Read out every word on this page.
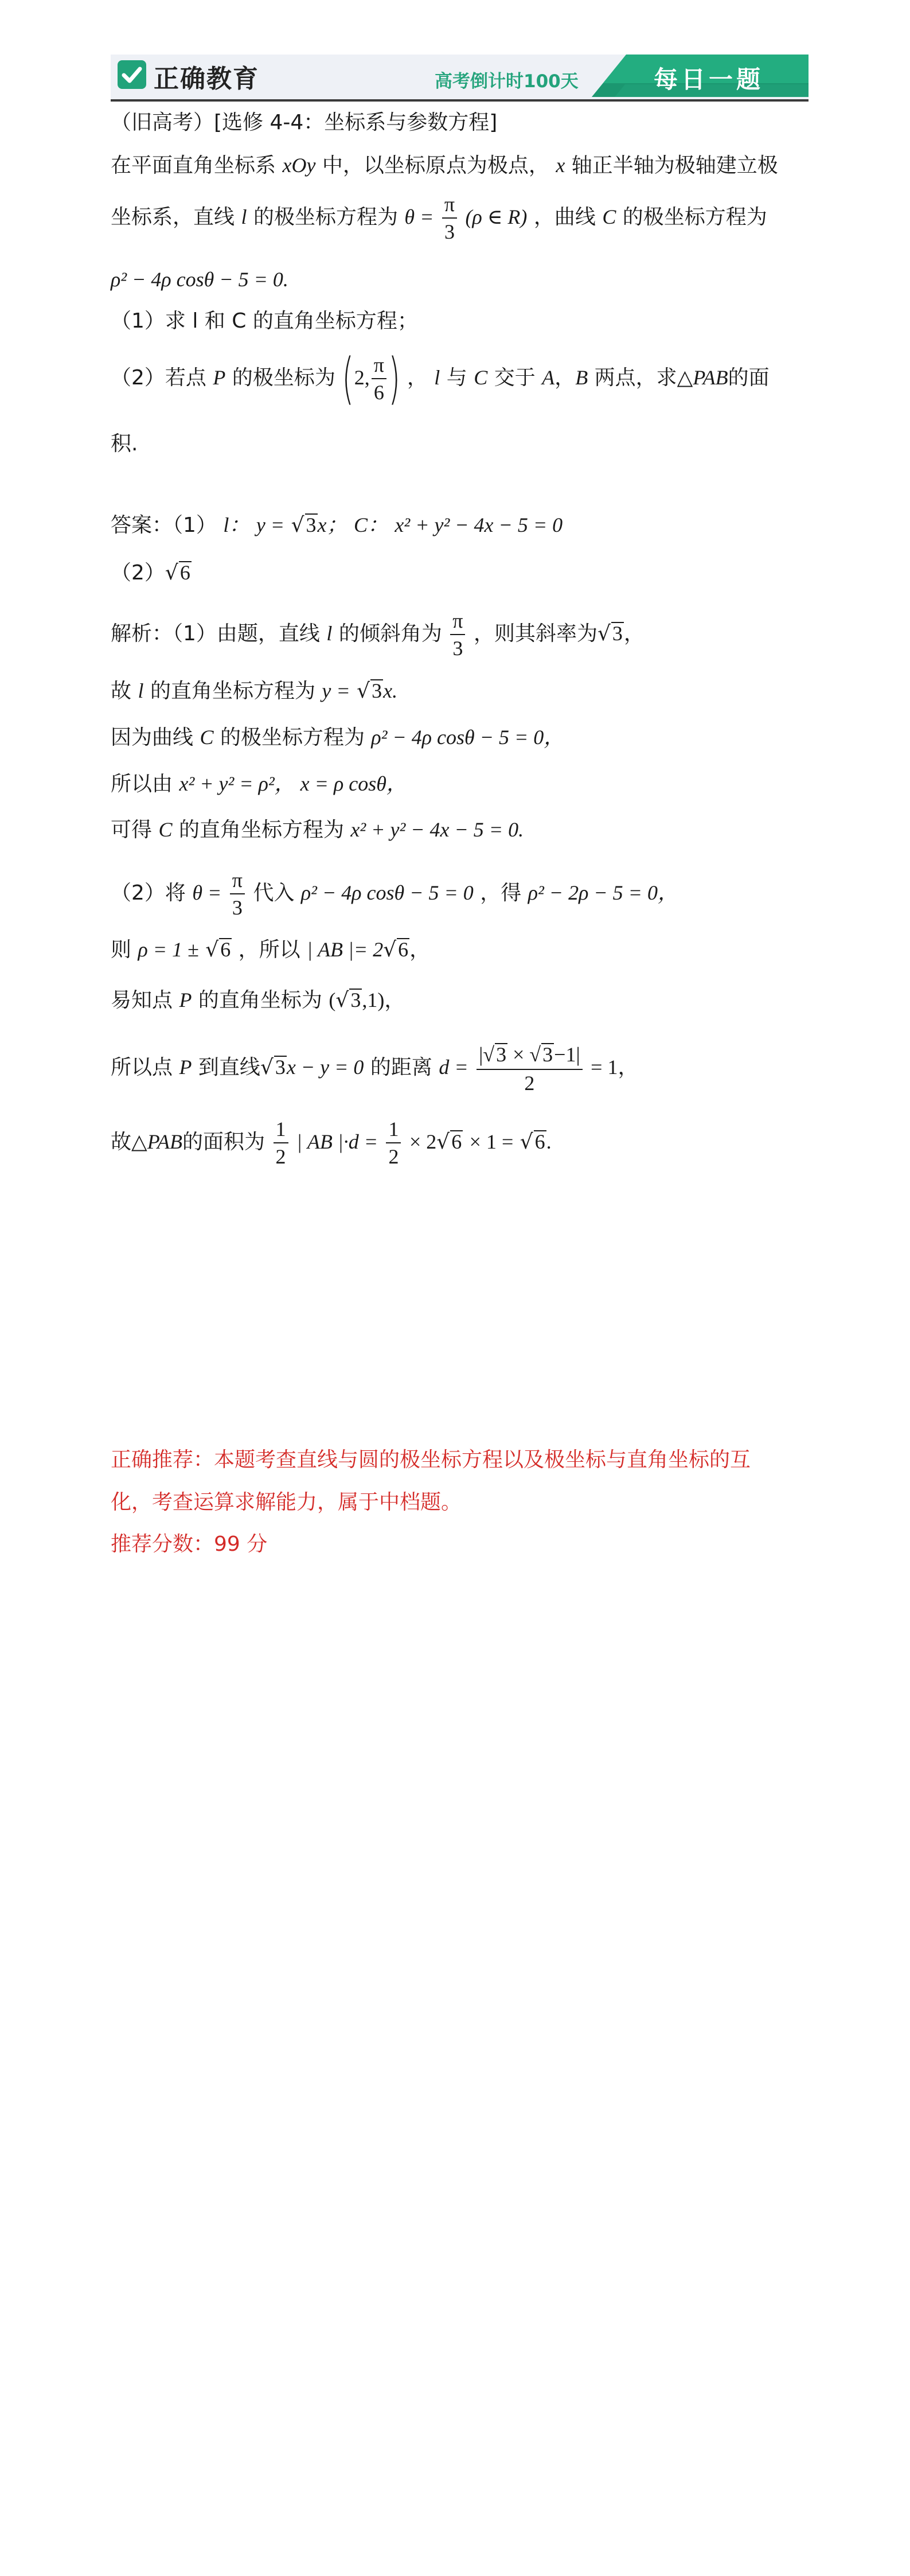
正确教育	高考倒计时100天	每日一题
（旧高考）[选修 4-4：坐标系与参数方程]
在平面直角坐标系 xOy 中，以坐标原点为极点， x 轴正半轴为极轴建立极
坐标系，直线 l 的极坐标方程为 $\theta = \frac{\pi}{3} (\rho$ ∈ R) ，曲线 C 的极坐标方程为
ρ² − 4ρ cosθ − 5 = 0.
（1）求 l 和 C 的直角坐标方程；
（2）若点 P 的极坐标为 (2, $\frac{\pi}{6}$ ) ， l 与 C 交于 A，B 两点，求△PAB的面
积.
答案：（1） l： y = √3x； C： x² + y² − 4x − 5 = 0
（2）√6
解析：（1）由题，直线 l 的倾斜角为 $\frac{\pi}{3}$ ，则其斜率为√3，
故 l 的直角坐标方程为 y = √3x.
因为曲线 C 的极坐标方程为 ρ² − 4ρ cosθ − 5 = 0，
所以由 x² + y² = ρ²， x = ρ cosθ，
可得 C 的直角坐标方程为 x² + y² − 4x − 5 = 0.
（2）将 $\theta = \frac{\pi}{3}$ 代入 ρ² − 4ρ cosθ − 5 = 0 ，得 ρ² − 2ρ − 5 = 0，
则 ρ = 1 ± √6 ，所以 | AB |= 2√6，
易知点 P 的直角坐标为 (√3,1)，
所以点 P 到直线√3x − y = 0 的距离 $d = \frac{|√3 \times √3-1|}{2} = 1$，
故△PAB的面积为 $\frac{1}{2}$ | AB $|\cdot d = \frac{1}{2} \times 2√6 \times 1 = √6$.
正确推荐：本题考查直线与圆的极坐标方程以及极坐标与直角坐标的互
化，考查运算求解能力，属于中档题。
推荐分数：99 分
